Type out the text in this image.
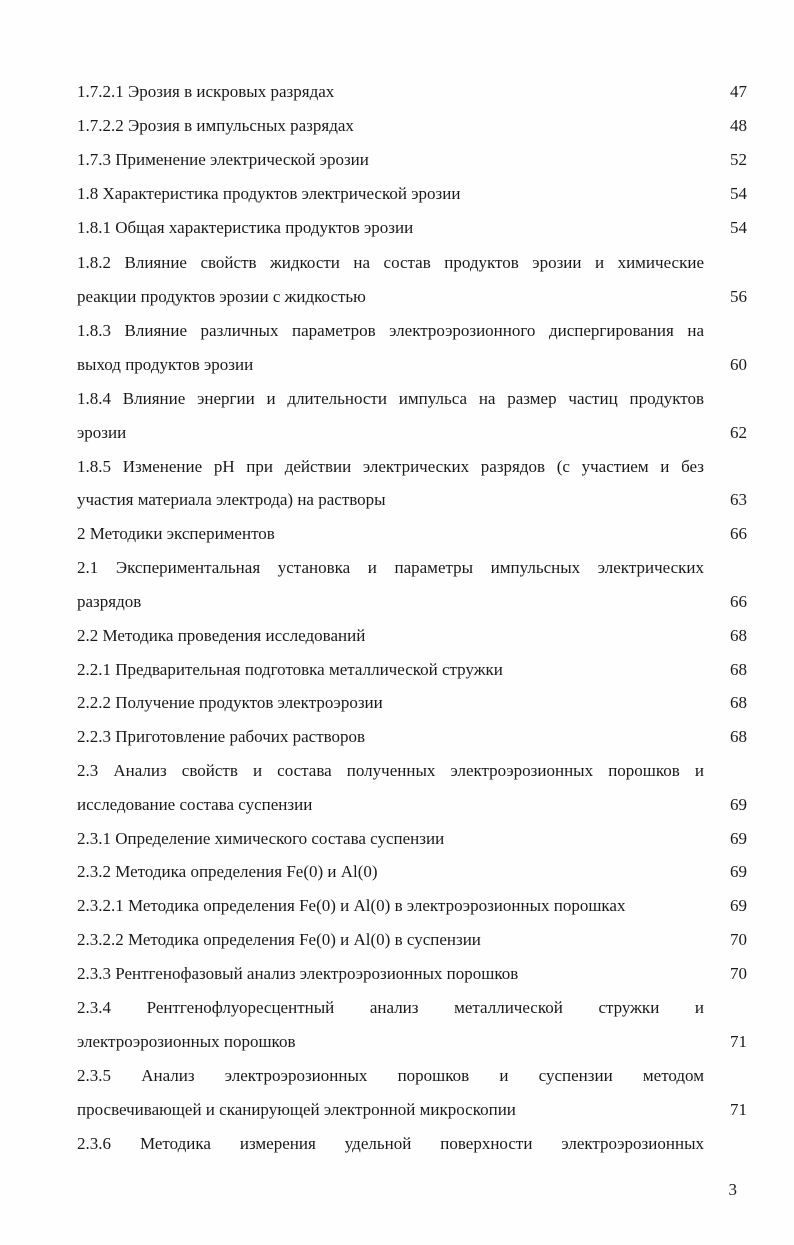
1.7.2.1 Эрозия в искровых разрядах	47
1.7.2.2 Эрозия в импульсных разрядах	48
1.7.3 Применение электрической эрозии	52
1.8 Характеристика продуктов электрической эрозии	54
1.8.1 Общая характеристика продуктов эрозии	54
1.8.2 Влияние свойств жидкости на состав продуктов эрозии и химические
реакции продуктов эрозии с жидкостью	56
1.8.3 Влияние различных параметров электроэрозионного диспергирования на
выход продуктов эрозии	60
1.8.4 Влияние энергии и длительности импульса на размер частиц продуктов
эрозии	62
1.8.5 Изменение pH при действии электрических разрядов (с участием и без
участия материала электрода) на растворы	63
2 Методики экспериментов	66
2.1 Экспериментальная установка и параметры импульсных электрических
разрядов	66
2.2 Методика проведения исследований	68
2.2.1 Предварительная подготовка металлической стружки	68
2.2.2 Получение продуктов электроэрозии	68
2.2.3 Приготовление рабочих растворов	68
2.3 Анализ свойств и состава полученных электроэрозионных порошков и
исследование состава суспензии	69
2.3.1 Определение химического состава суспензии	69
2.3.2 Методика определения Fe(0) и Al(0)	69
2.3.2.1 Методика определения Fe(0) и Al(0) в электроэрозионных порошках	69
2.3.2.2 Методика определения Fe(0) и Al(0) в суспензии	70
2.3.3 Рентгенофазовый анализ электроэрозионных порошков	70
2.3.4 Рентгенофлуоресцентный анализ металлической стружки и
электроэрозионных порошков	71
2.3.5 Анализ электроэрозионных порошков и суспензии методом
просвечивающей и сканирующей электронной микроскопии	71
2.3.6 Методика измерения удельной поверхности электроэрозионных
3
